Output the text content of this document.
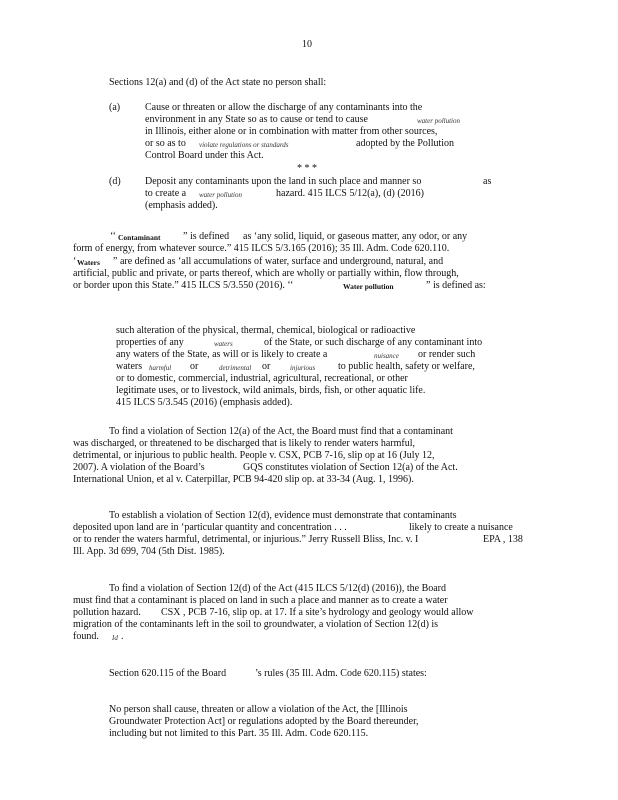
10
Sections 12(a) and (d) of the Act state no person shall:
(a) Cause or threaten or allow the discharge of any contaminants into the
environment in any State so as to cause or tend to cause	water pollution
in Illinois, either alone or in combination with matter from other sources,
or so as to violate regulations or standards	adopted by the Pollution
Control Board under this Act.
* * *
(d) Deposit any contaminants upon the land in such place and manner so	as
to create a water pollution	hazard. 415 ILCS 5/12(a), (d) (2016)
(emphasis added).
‘‘ Contaminant ” is defined as ‘any solid, liquid, or gaseous matter, any odor, or any
form of energy, from whatever source.” 415 ILCS 5/3.165 (2016); 35 Ill. Adm. Code 620.110.
‘ Waters ” are defined as ‘all accumulations of water, surface and underground, natural, and
artificial, public and private, or parts thereof, which are wholly or partially within, flow through,
or border upon this State.” 415 ILCS 5/3.550 (2016). ‘‘	Water pollution	” is defined as:
such alteration of the physical, thermal, chemical, biological or radioactive
properties of any	waters	of the State, or such discharge of any contaminant into
any waters of the State, as will or is likely to create a	nuisance or render such
waters harmful or	detrimental or	injurious to public health, safety or welfare,
or to domestic, commercial, industrial, agricultural, recreational, or other
legitimate uses, or to livestock, wild animals, birds, fish, or other aquatic life.
415 ILCS 5/3.545 (2016) (emphasis added).
To find a violation of Section 12(a) of the Act, the Board must find that a contaminant
was discharged, or threatened to be discharged that is likely to render waters harmful,
detrimental, or injurious to public health. People v. CSX, PCB 7-16, slip op at 16 (July 12,
2007). A violation of the Board’s	GQS constitutes violation of Section 12(a) of the Act.
International Union, et al v. Caterpillar, PCB 94-420 slip op. at 33-34 (Aug. 1, 1996).
To establish a violation of Section 12(d), evidence must demonstrate that contaminants
deposited upon land are in ‘particular quantity and concentration . . .	likely to create a nuisance
or to render the waters harmful, detrimental, or injurious.” Jerry Russell Bliss, Inc. v. I	EPA , 138
Ill. App. 3d 699, 704 (5th Dist. 1985).
To find a violation of Section 12(d) of the Act (415 ILCS 5/12(d) (2016)), the Board
must find that a contaminant is placed on land in such a place and manner as to create a water
pollution hazard. CSX , PCB 7-16, slip op. at 17. If a site’s hydrology and geology would allow
migration of the contaminants left in the soil to groundwater, a violation of Section 12(d) is
found. Id .
Section 620.115 of the Board	’s rules (35 Ill. Adm. Code 620.115) states:
No person shall cause, threaten or allow a violation of the Act, the [Illinois
Groundwater Protection Act] or regulations adopted by the Board thereunder,
including but not limited to this Part. 35 Ill. Adm. Code 620.115.
